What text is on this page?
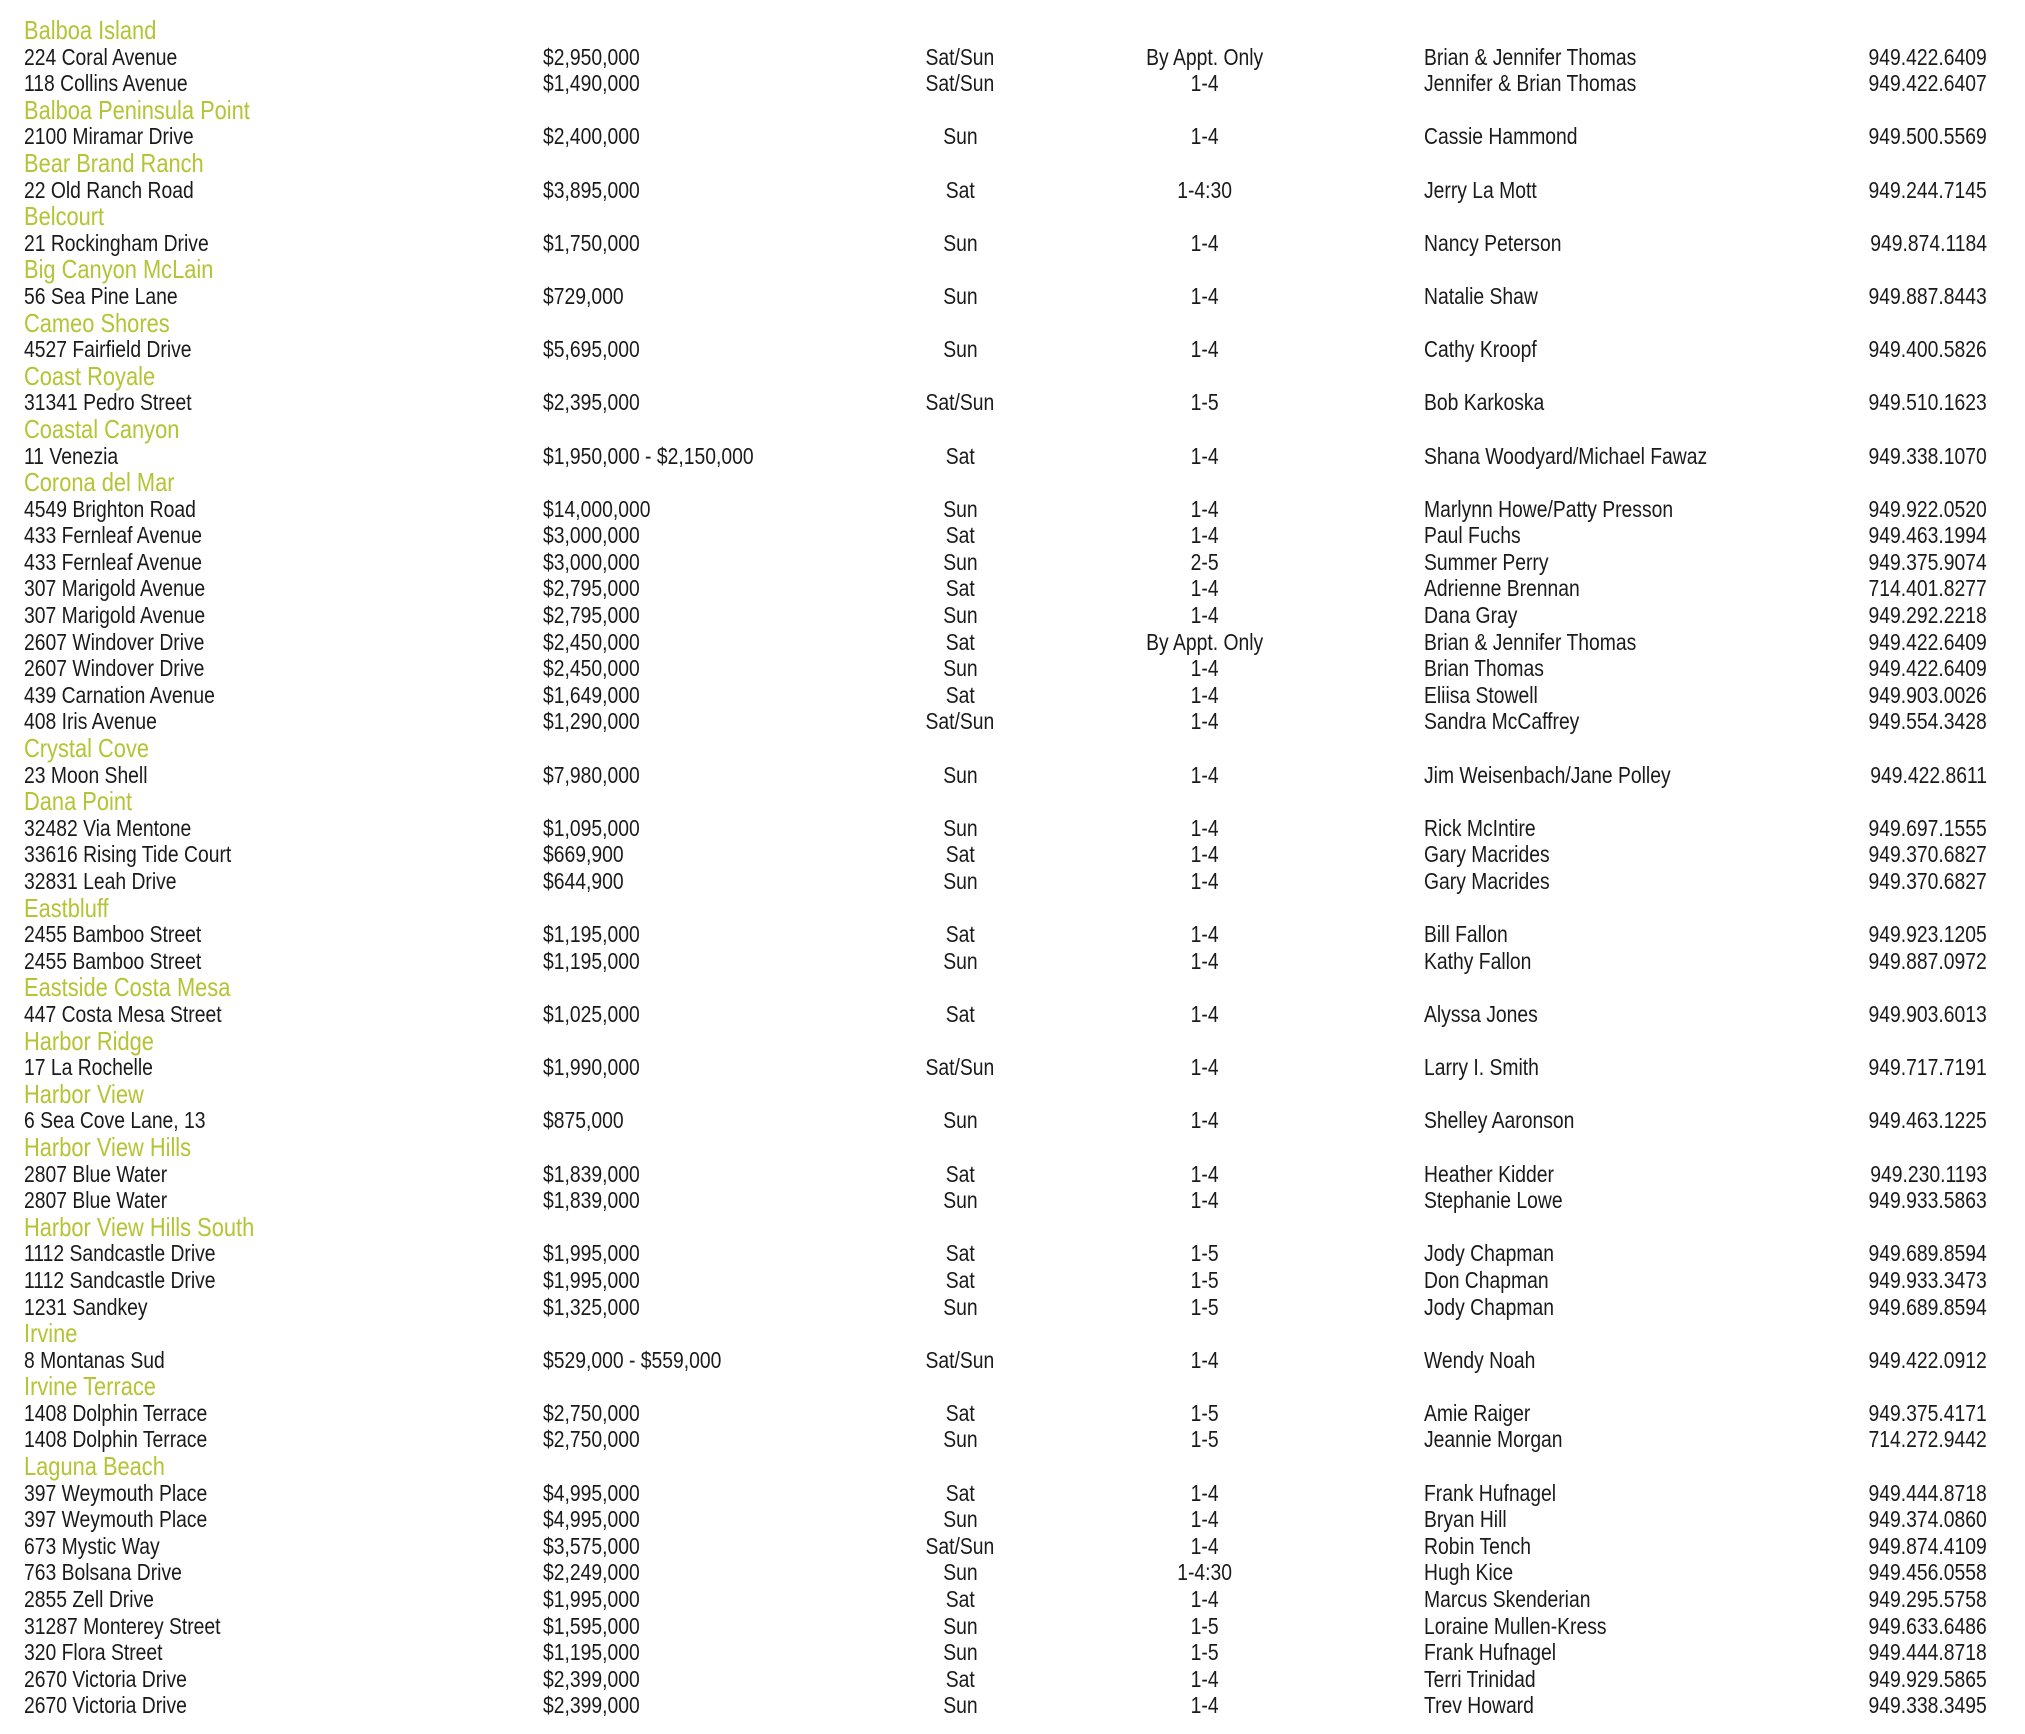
Balboa Island
224 Coral Avenue	$2,950,000	Sat/Sun	By Appt. Only	Brian & Jennifer Thomas	949.422.6409
118 Collins Avenue	$1,490,000	Sat/Sun	1-4	Jennifer & Brian Thomas	949.422.6407
Balboa Peninsula Point
2100 Miramar Drive	$2,400,000	Sun	1-4	Cassie Hammond	949.500.5569
Bear Brand Ranch
22 Old Ranch Road	$3,895,000	Sat	1-4:30	Jerry La Mott	949.244.7145
Belcourt
21 Rockingham Drive	$1,750,000	Sun	1-4	Nancy Peterson	949.874.1184
Big Canyon McLain
56 Sea Pine Lane	$729,000	Sun	1-4	Natalie Shaw	949.887.8443
Cameo Shores
4527 Fairfield Drive	$5,695,000	Sun	1-4	Cathy Kroopf	949.400.5826
Coast Royale
31341 Pedro Street	$2,395,000	Sat/Sun	1-5	Bob Karkoska	949.510.1623
Coastal Canyon
11 Venezia	$1,950,000 - $2,150,000	Sat	1-4	Shana Woodyard/Michael Fawaz	949.338.1070
Corona del Mar
4549 Brighton Road	$14,000,000	Sun	1-4	Marlynn Howe/Patty Presson	949.922.0520
433 Fernleaf Avenue	$3,000,000	Sat	1-4	Paul Fuchs	949.463.1994
433 Fernleaf Avenue	$3,000,000	Sun	2-5	Summer Perry	949.375.9074
307 Marigold Avenue	$2,795,000	Sat	1-4	Adrienne Brennan	714.401.8277
307 Marigold Avenue	$2,795,000	Sun	1-4	Dana Gray	949.292.2218
2607 Windover Drive	$2,450,000	Sat	By Appt. Only	Brian & Jennifer Thomas	949.422.6409
2607 Windover Drive	$2,450,000	Sun	1-4	Brian Thomas	949.422.6409
439 Carnation Avenue	$1,649,000	Sat	1-4	Eliisa Stowell	949.903.0026
408 Iris Avenue	$1,290,000	Sat/Sun	1-4	Sandra McCaffrey	949.554.3428
Crystal Cove
23 Moon Shell	$7,980,000	Sun	1-4	Jim Weisenbach/Jane Polley	949.422.8611
Dana Point
32482 Via Mentone	$1,095,000	Sun	1-4	Rick McIntire	949.697.1555
33616 Rising Tide Court	$669,900	Sat	1-4	Gary Macrides	949.370.6827
32831 Leah Drive	$644,900	Sun	1-4	Gary Macrides	949.370.6827
Eastbluff
2455 Bamboo Street	$1,195,000	Sat	1-4	Bill Fallon	949.923.1205
2455 Bamboo Street	$1,195,000	Sun	1-4	Kathy Fallon	949.887.0972
Eastside Costa Mesa
447 Costa Mesa Street	$1,025,000	Sat	1-4	Alyssa Jones	949.903.6013
Harbor Ridge
17 La Rochelle	$1,990,000	Sat/Sun	1-4	Larry I. Smith	949.717.7191
Harbor View
6 Sea Cove Lane, 13	$875,000	Sun	1-4	Shelley Aaronson	949.463.1225
Harbor View Hills
2807 Blue Water	$1,839,000	Sat	1-4	Heather Kidder	949.230.1193
2807 Blue Water	$1,839,000	Sun	1-4	Stephanie Lowe	949.933.5863
Harbor View Hills South
1112 Sandcastle Drive	$1,995,000	Sat	1-5	Jody Chapman	949.689.8594
1112 Sandcastle Drive	$1,995,000	Sat	1-5	Don Chapman	949.933.3473
1231 Sandkey	$1,325,000	Sun	1-5	Jody Chapman	949.689.8594
Irvine
8 Montanas Sud	$529,000 - $559,000	Sat/Sun	1-4	Wendy Noah	949.422.0912
Irvine Terrace
1408 Dolphin Terrace	$2,750,000	Sat	1-5	Amie Raiger	949.375.4171
1408 Dolphin Terrace	$2,750,000	Sun	1-5	Jeannie Morgan	714.272.9442
Laguna Beach
397 Weymouth Place	$4,995,000	Sat	1-4	Frank Hufnagel	949.444.8718
397 Weymouth Place	$4,995,000	Sun	1-4	Bryan Hill	949.374.0860
673 Mystic Way	$3,575,000	Sat/Sun	1-4	Robin Tench	949.874.4109
763 Bolsana Drive	$2,249,000	Sun	1-4:30	Hugh Kice	949.456.0558
2855 Zell Drive	$1,995,000	Sat	1-4	Marcus Skenderian	949.295.5758
31287 Monterey Street	$1,595,000	Sun	1-5	Loraine Mullen-Kress	949.633.6486
320 Flora Street	$1,195,000	Sun	1-5	Frank Hufnagel	949.444.8718
2670 Victoria Drive	$2,399,000	Sat	1-4	Terri Trinidad	949.929.5865
2670 Victoria Drive	$2,399,000	Sun	1-4	Trev Howard	949.338.3495
